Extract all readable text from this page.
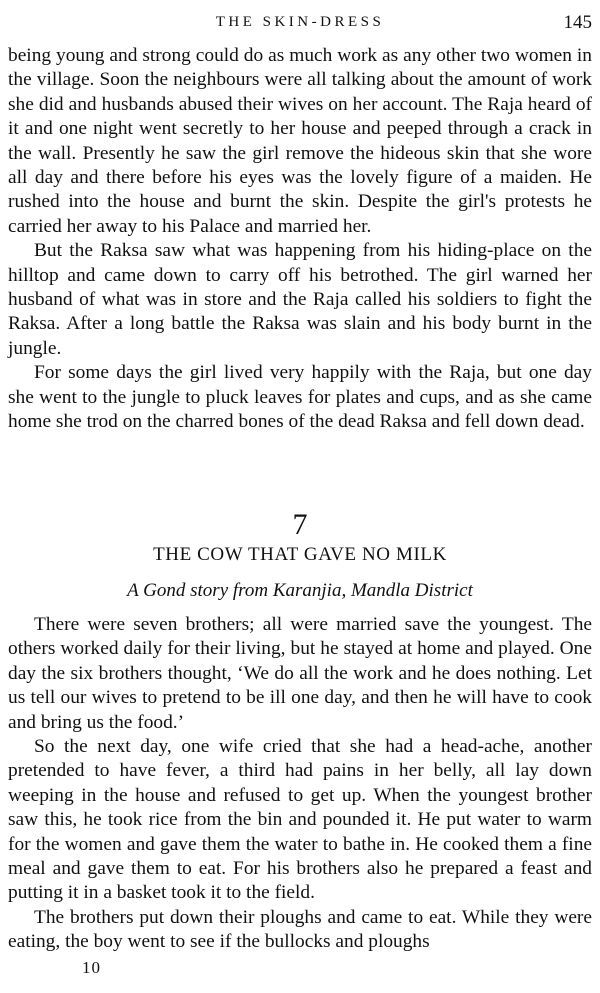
THE SKIN-DRESS	145

being young and strong could do as much work as any other two women in the village. Soon the neighbours were all talking about the amount of work she did and husbands abused their wives on her account. The Raja heard of it and one night went secretly to her house and peeped through a crack in the wall. Presently he saw the girl remove the hideous skin that she wore all day and there before his eyes was the lovely figure of a maiden. He rushed into the house and burnt the skin. Despite the girl's protests he carried her away to his Palace and married her.

But the Raksa saw what was happening from his hiding-place on the hilltop and came down to carry off his betrothed. The girl warned her husband of what was in store and the Raja called his soldiers to fight the Raksa. After a long battle the Raksa was slain and his body burnt in the jungle.

For some days the girl lived very happily with the Raja, but one day she went to the jungle to pluck leaves for plates and cups, and as she came home she trod on the charred bones of the dead Raksa and fell down dead.

7
THE COW THAT GAVE NO MILK
A Gond story from Karanjia, Mandla District

There were seven brothers; all were married save the youngest. The others worked daily for their living, but he stayed at home and played. One day the six brothers thought, ‘We do all the work and he does nothing. Let us tell our wives to pretend to be ill one day, and then he will have to cook and bring us the food.’

So the next day, one wife cried that she had a head-ache, another pretended to have fever, a third had pains in her belly, all lay down weeping in the house and refused to get up. When the youngest brother saw this, he took rice from the bin and pounded it. He put water to warm for the women and gave them the water to bathe in. He cooked them a fine meal and gave them to eat. For his brothers also he prepared a feast and putting it in a basket took it to the field.

The brothers put down their ploughs and came to eat. While they were eating, the boy went to see if the bullocks and ploughs

10
